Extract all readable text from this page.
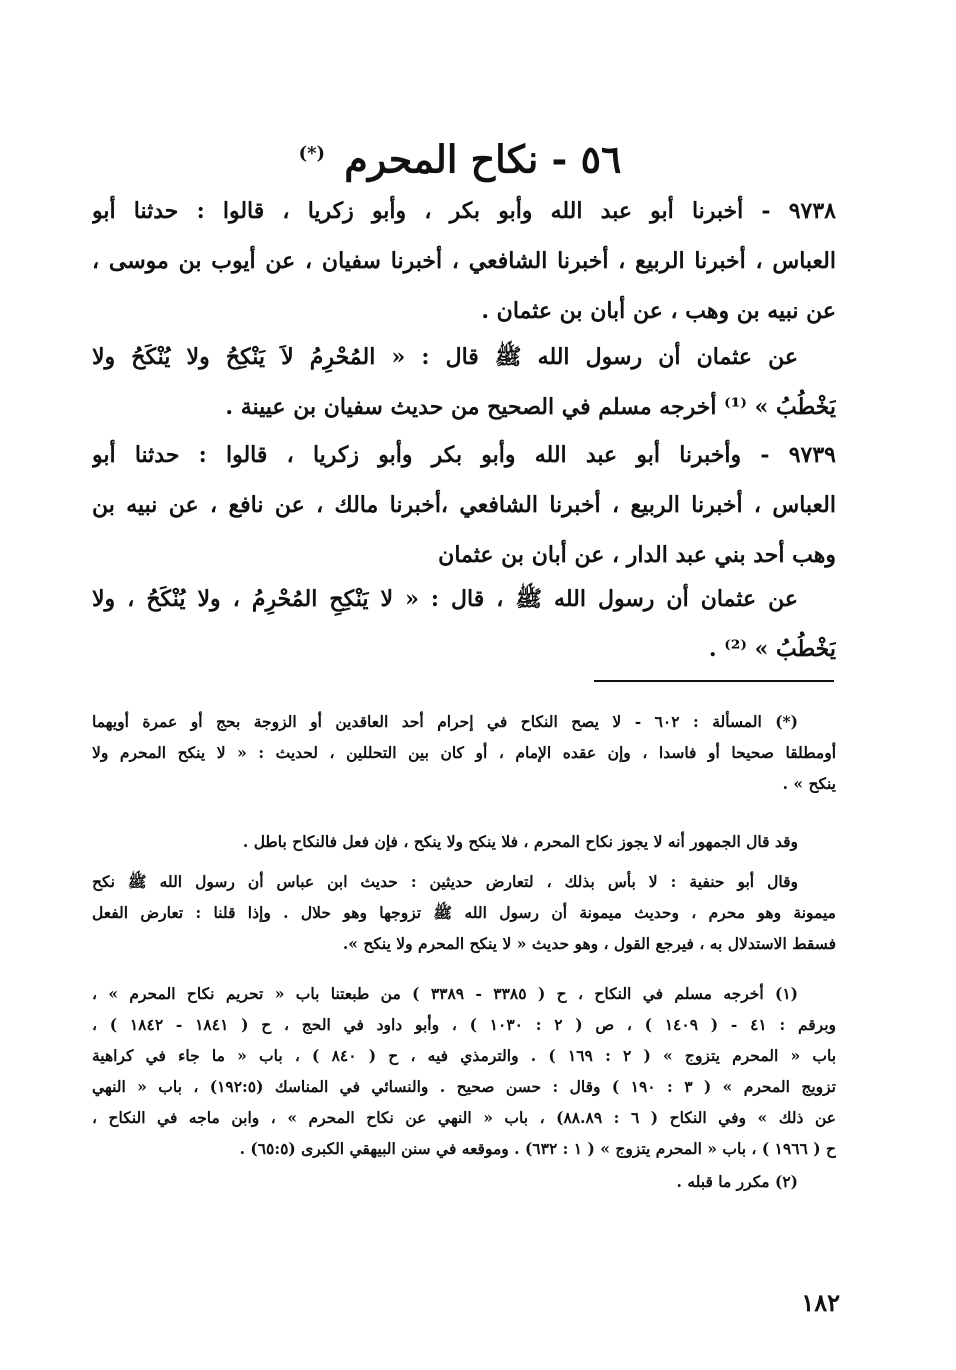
٥٦ - نكاح المحرم (*)
٩٧٣٨ - أخبرنا أبو عبد الله وأبو بكر ، وأبو زكريا ، قالوا : حدثنا أبو
العباس ، أخبرنا الربيع ، أخبرنا الشافعي ، أخبرنا سفيان ، عن أيوب بن موسى ،
عن نبيه بن وهب ، عن أبان بن عثمان .
عن عثمان أن رسول الله ﷺ قال : « المُحْرِمُ لاَ يَنْكِحُ ولا يُنْكَحُ ولا
يَخْطُبُ » ⁽¹⁾ أخرجه مسلم في الصحيح من حديث سفيان بن عيينة .
٩٧٣٩ - وأخبرنا أبو عبد الله وأبو بكر وأبو زكريا ، قالوا : حدثنا أبو
العباس ، أخبرنا الربيع ، أخبرنا الشافعي ،أخبرنا مالك ، عن نافع ، عن نبيه بن
وهب أحد بني عبد الدار ، عن أبان بن عثمان
عن عثمان أن رسول الله ﷺ ، قال : « لا يَنْكِحِ المُحْرِمُ ، ولا يُنْكَحُ ، ولا
يَخْطُبُ » ⁽²⁾ .
(*) المسألة : ٦٠٢ - لا يصح النكاح في إحرام أحد العاقدين أو الزوجة بحج أو عمرة أويهما
أومطلقا صحيحا أو فاسدا ، وإن عقده الإمام ، أو كان بين التحللين ، لحديث : « لا ينكح المحرم ولا
ينكح » .
وقد قال الجمهور أنه لا يجوز نكاح المحرم ، فلا ينكح ولا ينكح ، فإن فعل فالنكاح باطل .
وقال أبو حنفية : لا بأس بذلك ، لتعارض حديثين : حديث ابن عباس أن رسول الله ﷺ نكح
ميمونة وهو محرم ، وحديث ميمونة أن رسول الله ﷺ تزوجها وهو حلال . وإذا قلنا : تعارض الفعل
فسقط الاستدلال به ، فيرجع القول ، وهو حديث « لا ينكح المحرم ولا ينكح ».
(١) أخرجه مسلم في النكاح ، ح ( ٣٣٨٥ - ٣٣٨٩ ) من طبعتنا باب « تحريم نكاح المحرم » ،
وبرقم : ٤١ - ( ١٤٠٩ ) ، ص ( ٢ : ١٠٣٠ ) ، وأبو داود في الحج ، ح ( ١٨٤١ - ١٨٤٢ ) ،
باب « المحرم يتزوج » ( ٢ : ١٦٩ ) . والترمذي فيه ، ح ( ٨٤٠ ) ، باب « ما جاء في كراهية
تزويج المحرم » ( ٣ : ١٩٠ ) وقال : حسن صحيح . والنسائي في المناسك (١٩٢:٥) ، باب « النهي
عن ذلك » وفي النكاح ( ٦ : ٨٨.٨٩) ، باب « النهي عن نكاح المحرم » ، وابن ماجه في النكاح ،
ح ( ١٩٦٦ ) ، باب « المحرم يتزوج » ( ١ : ٦٣٢) . وموقعه في سنن البيهقي الكبرى (٦٥:٥) .
(٢) مكرر ما قبله .
١٨٢
